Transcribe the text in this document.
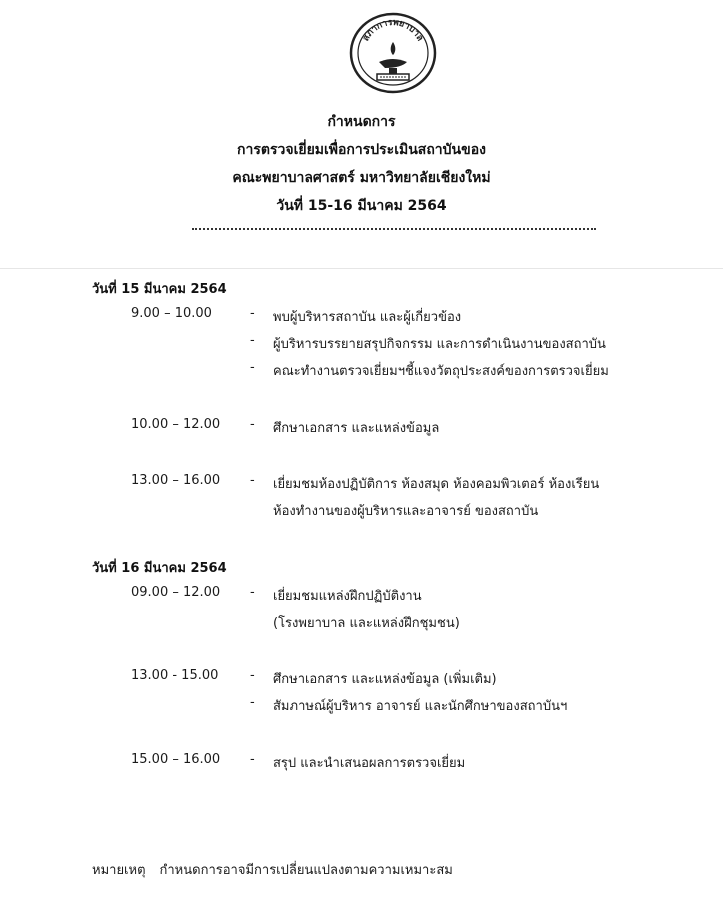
สภาการพยาบาล
กำหนดการ
การตรวจเยี่ยมเพื่อการประเมินสถาบันของ
คณะพยาบาลศาสตร์ มหาวิทยาลัยเชียงใหม่
วันที่ 15-16 มีนาคม 2564
วันที่ 15 มีนาคม 2564
9.00 – 10.00	- พบผู้บริหารสถาบัน และผู้เกี่ยวข้อง
- ผู้บริหารบรรยายสรุปกิจกรรม และการดำเนินงานของสถาบัน
- คณะทำงานตรวจเยี่ยมฯชี้แจงวัตถุประสงค์ของการตรวจเยี่ยม
10.00 – 12.00 - ศึกษาเอกสาร และแหล่งข้อมูล
13.00 – 16.00 - เยี่ยมชมห้องปฏิบัติการ ห้องสมุด ห้องคอมพิวเตอร์ ห้องเรียน
ห้องทำงานของผู้บริหารและอาจารย์ ของสถาบัน
วันที่ 16 มีนาคม 2564
09.00 – 12.00 - เยี่ยมชมแหล่งฝึกปฏิบัติงาน
(โรงพยาบาล และแหล่งฝึกชุมชน)
13.00 - 15.00 - ศึกษาเอกสาร และแหล่งข้อมูล (เพิ่มเติม)
- สัมภาษณ์ผู้บริหาร อาจารย์ และนักศึกษาของสถาบันฯ
15.00 – 16.00 - สรุป และนำเสนอผลการตรวจเยี่ยม
หมายเหตุ กำหนดการอาจมีการเปลี่ยนแปลงตามความเหมาะสม
